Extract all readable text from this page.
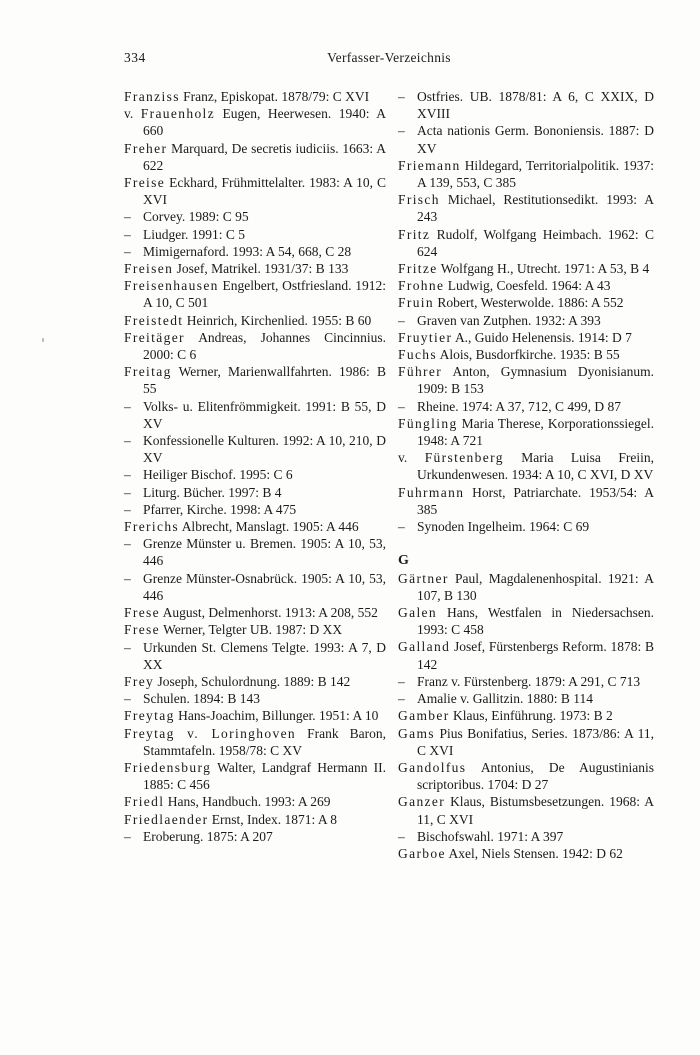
334	Verfasser-Verzeichnis

Franziss Franz, Episkopat. 1878/79: C XVI

v. Frauenholz Eugen, Heerwesen. 1940: A 660

Freher Marquard, De secretis iudiciis. 1663: A 622

Freise Eckhard, Frühmittelalter. 1983: A 10, C XVI

– Corvey. 1989: C 95

– Liudger. 1991: C 5

– Mimigernaford. 1993: A 54, 668, C 28

Freisen Josef, Matrikel. 1931/37: B 133

Freisenhausen Engelbert, Ostfriesland. 1912: A 10, C 501

Freistedt Heinrich, Kirchenlied. 1955: B 60

Freitäger Andreas, Johannes Cincinnius. 2000: C 6

Freitag Werner, Marienwallfahrten. 1986: B 55

– Volks- u. Elitenfrömmigkeit. 1991: B 55, D XV

– Konfessionelle Kulturen. 1992: A 10, 210, D XV

– Heiliger Bischof. 1995: C 6

– Liturg. Bücher. 1997: B 4

– Pfarrer, Kirche. 1998: A 475

Frerichs Albrecht, Manslagt. 1905: A 446

– Grenze Münster u. Bremen. 1905: A 10, 53, 446

– Grenze Münster-Osnabrück. 1905: A 10, 53, 446

Frese August, Delmenhorst. 1913: A 208, 552

Frese Werner, Telgter UB. 1987: D XX

– Urkunden St. Clemens Telgte. 1993: A 7, D XX

Frey Joseph, Schulordnung. 1889: B 142

– Schulen. 1894: B 143

Freytag Hans-Joachim, Billunger. 1951: A 10

Freytag v. Loringhoven Frank Baron, Stammtafeln. 1958/78: C XV

Friedensburg Walter, Landgraf Hermann II. 1885: C 456

Friedl Hans, Handbuch. 1993: A 269

Friedlaender Ernst, Index. 1871: A 8

– Eroberung. 1875: A 207

– Ostfries. UB. 1878/81: A 6, C XXIX, D XVIII

– Acta nationis Germ. Bononiensis. 1887: D XV

Friemann Hildegard, Territorialpolitik. 1937: A 139, 553, C 385

Frisch Michael, Restitutionsedikt. 1993: A 243

Fritz Rudolf, Wolfgang Heimbach. 1962: C 624

Fritze Wolfgang H., Utrecht. 1971: A 53, B 4

Frohne Ludwig, Coesfeld. 1964: A 43

Fruin Robert, Westerwolde. 1886: A 552

– Graven van Zutphen. 1932: A 393

Fruytier A., Guido Helenensis. 1914: D 7

Fuchs Alois, Busdorfkirche. 1935: B 55

Führer Anton, Gymnasium Dyonisianum. 1909: B 153

– Rheine. 1974: A 37, 712, C 499, D 87

Füngling Maria Therese, Korporationssiegel. 1948: A 721

v. Fürstenberg Maria Luisa Freiin, Urkundenwesen. 1934: A 10, C XVI, D XV

Fuhrmann Horst, Patriarchate. 1953/54: A 385

– Synoden Ingelheim. 1964: C 69

G

Gärtner Paul, Magdalenenhospital. 1921: A 107, B 130

Galen Hans, Westfalen in Niedersachsen. 1993: C 458

Galland Josef, Fürstenbergs Reform. 1878: B 142

– Franz v. Fürstenberg. 1879: A 291, C 713

– Amalie v. Gallitzin. 1880: B 114

Gamber Klaus, Einführung. 1973: B 2

Gams Pius Bonifatius, Series. 1873/86: A 11, C XVI

Gandolfus Antonius, De Augustinianis scriptoribus. 1704: D 27

Ganzer Klaus, Bistumsbesetzungen. 1968: A 11, C XVI

– Bischofswahl. 1971: A 397

Garboe Axel, Niels Stensen. 1942: D 62
